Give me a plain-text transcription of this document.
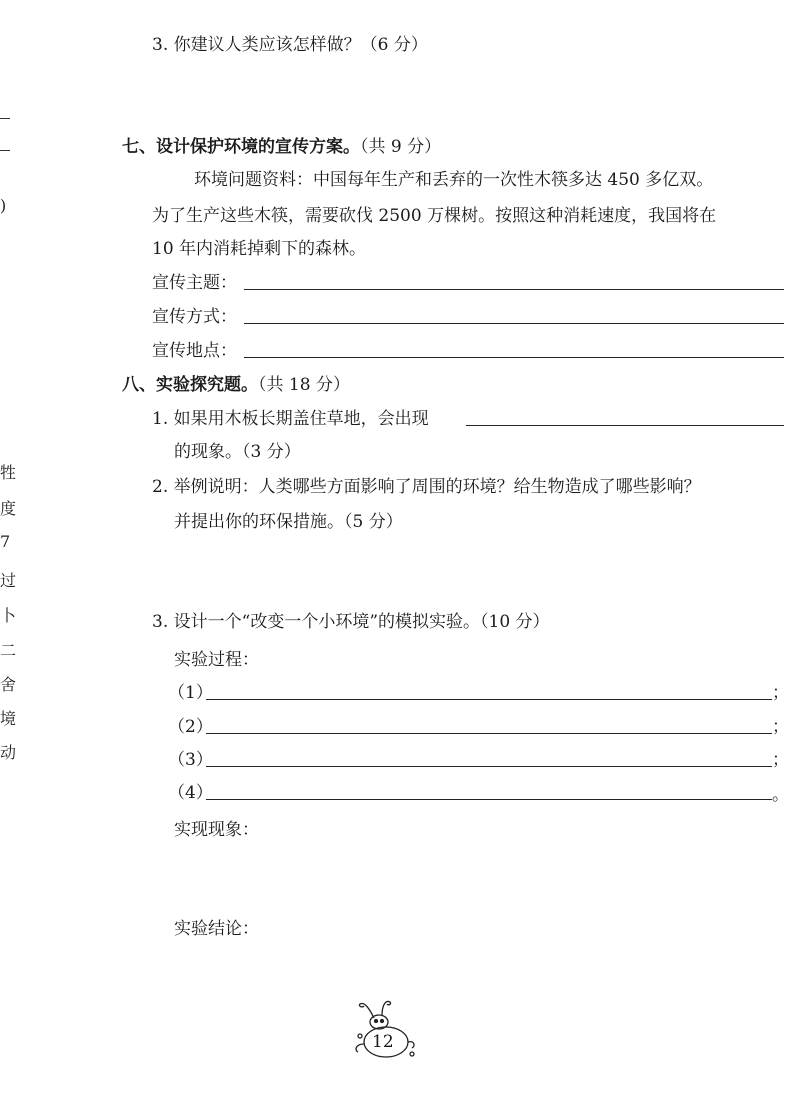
)
牲
度
7
过
卜
二
舍
境
动
3. 你建议人类应该怎样做？（6 分）
七、设计保护环境的宣传方案。（共 9 分）
环境问题资料：中国每年生产和丢弃的一次性木筷多达 450 多亿双。
为了生产这些木筷，需要砍伐 2500 万棵树。按照这种消耗速度，我国将在
10 年内消耗掉剩下的森林。
宣传主题：
宣传方式：
宣传地点：
八、实验探究题。（共 18 分）
1. 如果用木板长期盖住草地，会出现
的现象。（3 分）
2. 举例说明：人类哪些方面影响了周围的环境？给生物造成了哪些影响？
并提出你的环保措施。（5 分）
3. 设计一个“改变一个小环境”的模拟实验。（10 分）
实验过程：
（1）	；
（2）	；
（3）	；
（4）	。
实现现象：
实验结论：
12
